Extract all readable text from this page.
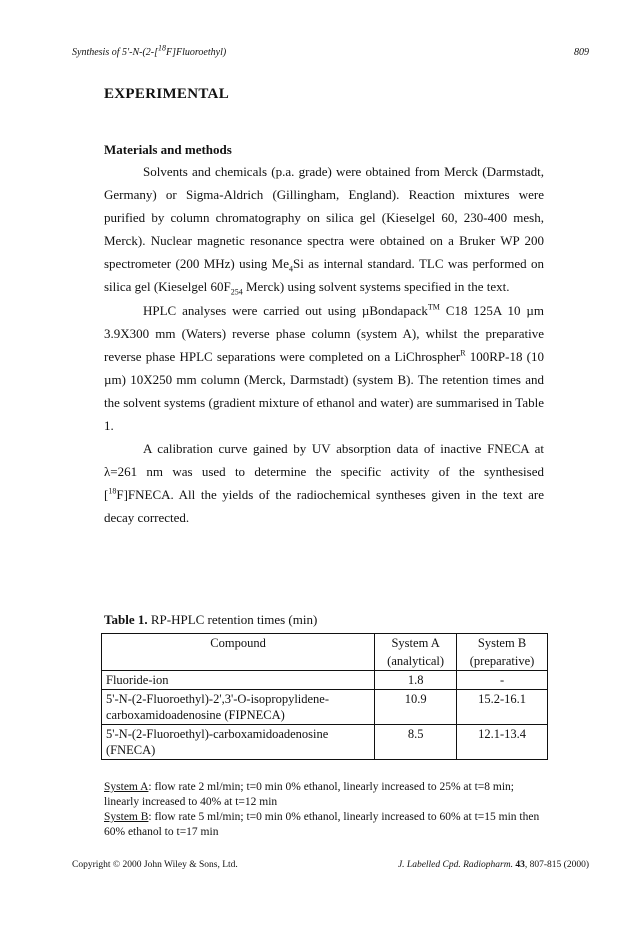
Synthesis of 5'-N-(2-[$^{18}$F]Fluoroethyl)	809
EXPERIMENTAL
Materials and methods

Solvents and chemicals (p.a. grade) were obtained from Merck (Darmstadt, Germany) or Sigma-Aldrich (Gillingham, England). Reaction mixtures were purified by column chromatography on silica gel (Kieselgel 60, 230-400 mesh, Merck). Nuclear magnetic resonance spectra were obtained on a Bruker WP 200 spectrometer (200 MHz) using $Me_4Si$ as internal standard. TLC was performed on silica gel (Kieselgel $60F_{254}$ Merck) using solvent systems specified in the text.

HPLC analyses were carried out using µBondapack™ C18 125A 10 µm 3.9X300 mm (Waters) reverse phase column (system A), whilst the preparative reverse phase HPLC separations were completed on a LiChrospher$^R$ 100RP-18 (10 µm) 10X250 mm column (Merck, Darmstadt) (system B). The retention times and the solvent systems (gradient mixture of ethanol and water) are summarised in Table 1.

A calibration curve gained by UV absorption data of inactive FNECA at λ=261 nm was used to determine the specific activity of the synthesised [$^{18}$F]FNECA. All the yields of the radiochemical syntheses given in the text are decay corrected.

Table 1. RP-HPLC retention times (min)
Compound	System A	System B
	(analytical)	(preparative)

Fluoride-ion	1.8	-

5'-N-(2-Fluoroethyl)-2',3'-O-isopropylidene-
carboxamidoadenosine (FIPNECA)	10.9	15.2-16.1

5'-N-(2-Fluoroethyl)-carboxamidoadenosine
(FNECA)	8.5	12.1-13.4

System A: flow rate 2 ml/min; t=0 min 0% ethanol, linearly increased to 25% at t=8 min; linearly increased to 40% at t=12 min

System B: flow rate 5 ml/min; t=0 min 0% ethanol, linearly increased to 60% at t=15 min then 60% ethanol to t=17 min

Copyright © 2000 John Wiley & Sons, Ltd.	J. Labelled Cpd. Radiopharm. 43, 807-815 (2000)
